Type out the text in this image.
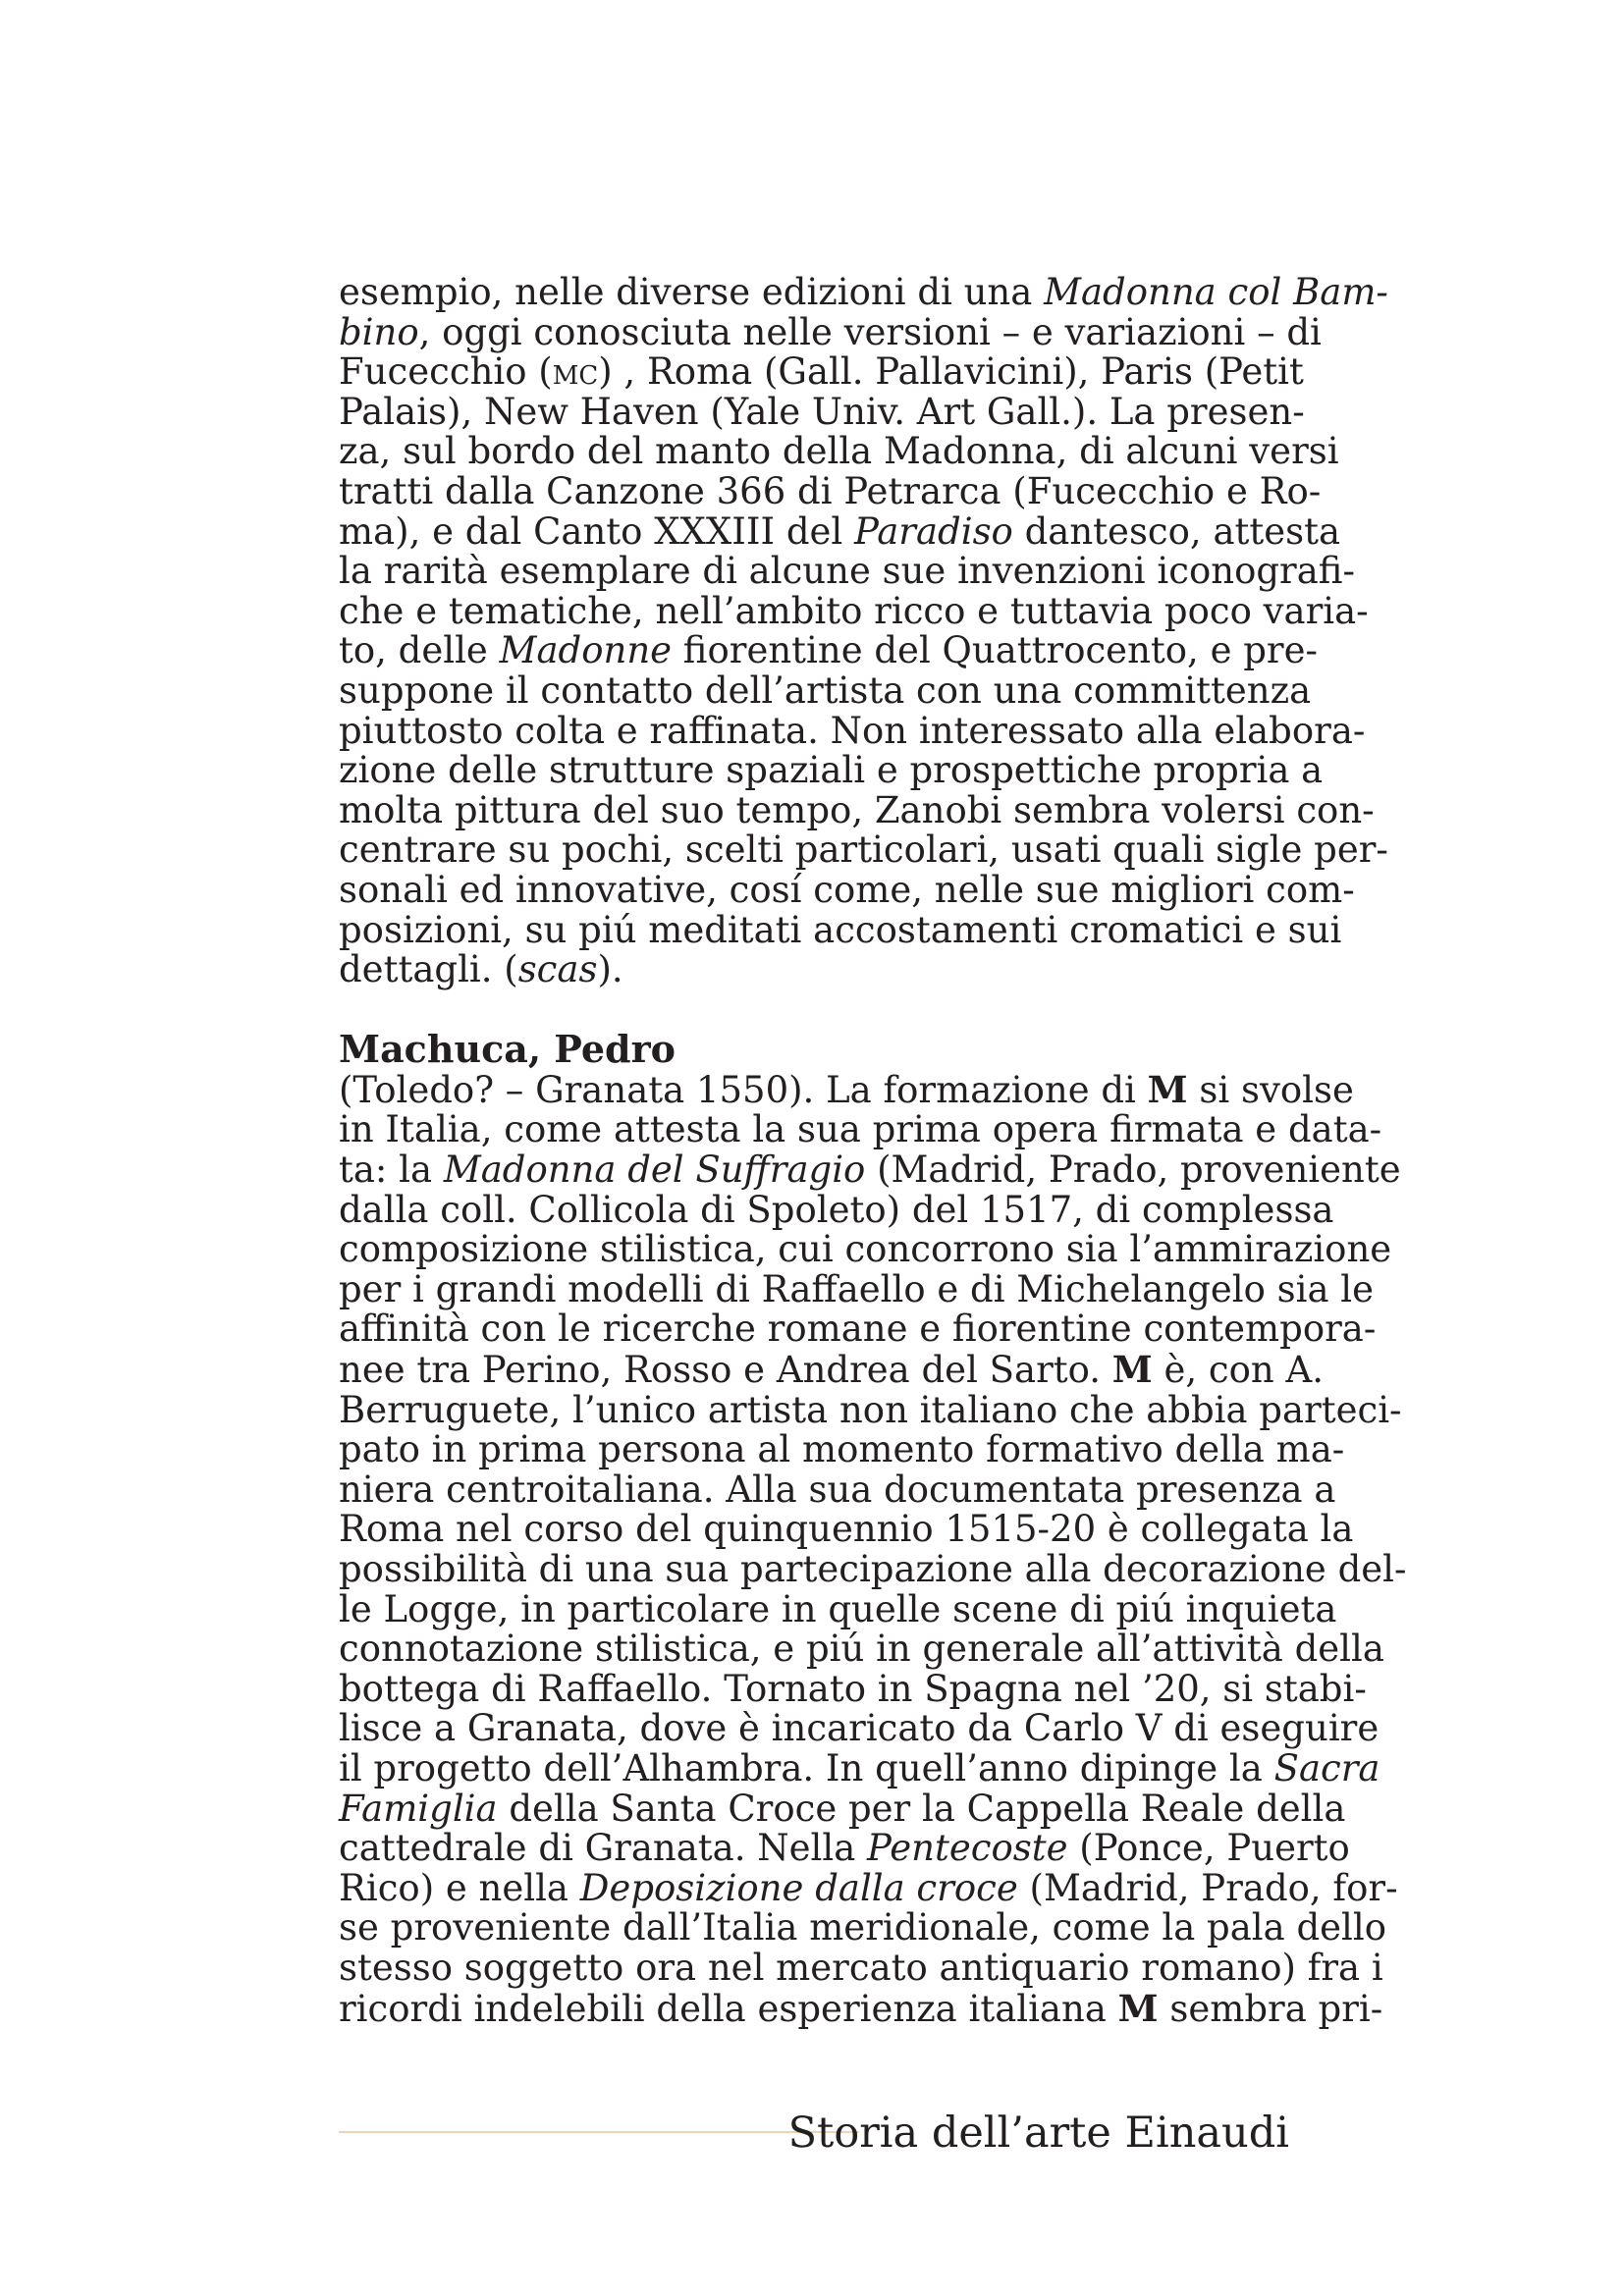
esempio, nelle diverse edizioni di una Madonna col Bam-
bino, oggi conosciuta nelle versioni – e variazioni – di
Fucecchio (mc) , Roma (Gall. Pallavicini), Paris (Petit
Palais), New Haven (Yale Univ. Art Gall.). La presen-
za, sul bordo del manto della Madonna, di alcuni versi
tratti dalla Canzone 366 di Petrarca (Fucecchio e Ro-
ma), e dal Canto XXXIII del Paradiso dantesco, attesta
la rarità esemplare di alcune sue invenzioni iconografi-
che e tematiche, nell’ambito ricco e tuttavia poco varia-
to, delle Madonne fiorentine del Quattrocento, e pre-
suppone il contatto dell’artista con una committenza
piuttosto colta e raffinata. Non interessato alla elabora-
zione delle strutture spaziali e prospettiche propria a
molta pittura del suo tempo, Zanobi sembra volersi con-
centrare su pochi, scelti particolari, usati quali sigle per-
sonali ed innovative, cosí come, nelle sue migliori com-
posizioni, su piú meditati accostamenti cromatici e sui
dettagli. (scas).
Machuca, Pedro
(Toledo? – Granata 1550). La formazione di M si svolse
in Italia, come attesta la sua prima opera firmata e data-
ta: la Madonna del Suffragio (Madrid, Prado, proveniente
dalla coll. Collicola di Spoleto) del 1517, di complessa
composizione stilistica, cui concorrono sia l’ammirazione
per i grandi modelli di Raffaello e di Michelangelo sia le
affinità con le ricerche romane e fiorentine contempora-
nee tra Perino, Rosso e Andrea del Sarto. M è, con A.
Berruguete, l’unico artista non italiano che abbia parteci-
pato in prima persona al momento formativo della ma-
niera centroitaliana. Alla sua documentata presenza a
Roma nel corso del quinquennio 1515-20 è collegata la
possibilità di una sua partecipazione alla decorazione del-
le Logge, in particolare in quelle scene di piú inquieta
connotazione stilistica, e piú in generale all’attività della
bottega di Raffaello. Tornato in Spagna nel ’20, si stabi-
lisce a Granata, dove è incaricato da Carlo V di eseguire
il progetto dell’Alhambra. In quell’anno dipinge la Sacra
Famiglia della Santa Croce per la Cappella Reale della
cattedrale di Granata. Nella Pentecoste (Ponce, Puerto
Rico) e nella Deposizione dalla croce (Madrid, Prado, for-
se proveniente dall’Italia meridionale, come la pala dello
stesso soggetto ora nel mercato antiquario romano) fra i
ricordi indelebili della esperienza italiana M sembra pri-
Storia dell’arte Einaudi
